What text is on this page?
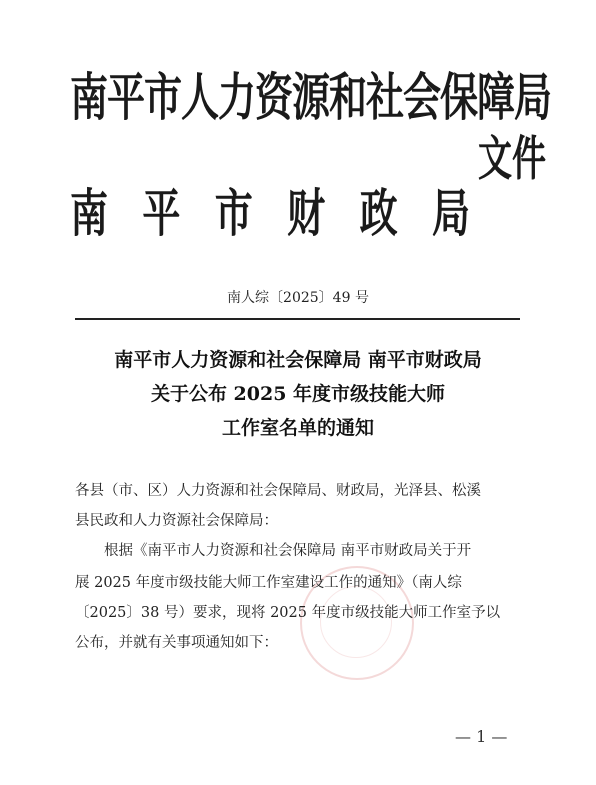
南平市人力资源和社会保障局
南 平 市 财 政 局
文件
南人综〔2025〕49 号
南平市人力资源和社会保障局 南平市财政局
关于公布 2025 年度市级技能大师
工作室名单的通知
各县（市、区）人力资源和社会保障局、财政局，光泽县、松溪
县民政和人力资源社会保障局：
根据《南平市人力资源和社会保障局 南平市财政局关于开
展 2025 年度市级技能大师工作室建设工作的通知》（南人综
〔2025〕38 号）要求，现将 2025 年度市级技能大师工作室予以
公布，并就有关事项通知如下：
— 1 —
